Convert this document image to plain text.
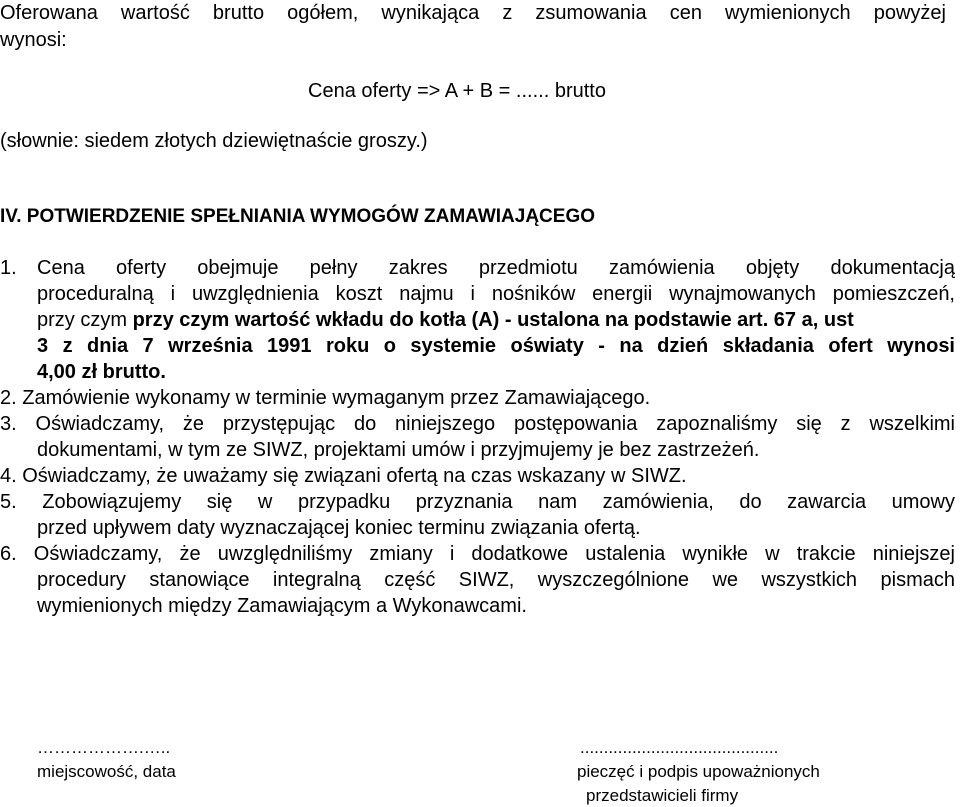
Oferowana wartość brutto ogółem, wynikająca z zsumowania cen wymienionych powyżej
wynosi:
Cena oferty => A + B = ...... brutto
(słownie: siedem złotych dziewiętnaście groszy.)
IV. POTWIERDZENIE SPEŁNIANIA WYMOGÓW ZAMAWIAJĄCEGO
1. Cena oferty obejmuje pełny zakres przedmiotu zamówienia objęty dokumentacją
proceduralną i uwzględnienia koszt najmu i nośników energii wynajmowanych pomieszczeń,
przy czym przy czym wartość wkładu do kotła (A) - ustalona na podstawie art. 67 a, ust
3 z dnia 7 września 1991 roku o systemie oświaty - na dzień składania ofert wynosi
4,00 zł brutto.
2. Zamówienie wykonamy w terminie wymaganym przez Zamawiającego.
3. Oświadczamy, że przystępując do niniejszego postępowania zapoznaliśmy się z wszelkimi
dokumentami, w tym ze SIWZ, projektami umów i przyjmujemy je bez zastrzeżeń.
4. Oświadczamy, że uważamy się związani ofertą na czas wskazany w SIWZ.
5. Zobowiązujemy się w przypadku przyznania nam zamówienia, do zawarcia umowy
przed upływem daty wyznaczającej koniec terminu związania ofertą.
6. Oświadczamy, że uwzględniliśmy zmiany i dodatkowe ustalenia wynikłe w trakcie niniejszej
procedury stanowiące integralną część SIWZ, wyszczególnione we wszystkich pismach
wymienionych między Zamawiającym a Wykonawcami.
……………….…..
miejscowość, data
..........................................
pieczęć i podpis upoważnionych
przedstawicieli firmy
